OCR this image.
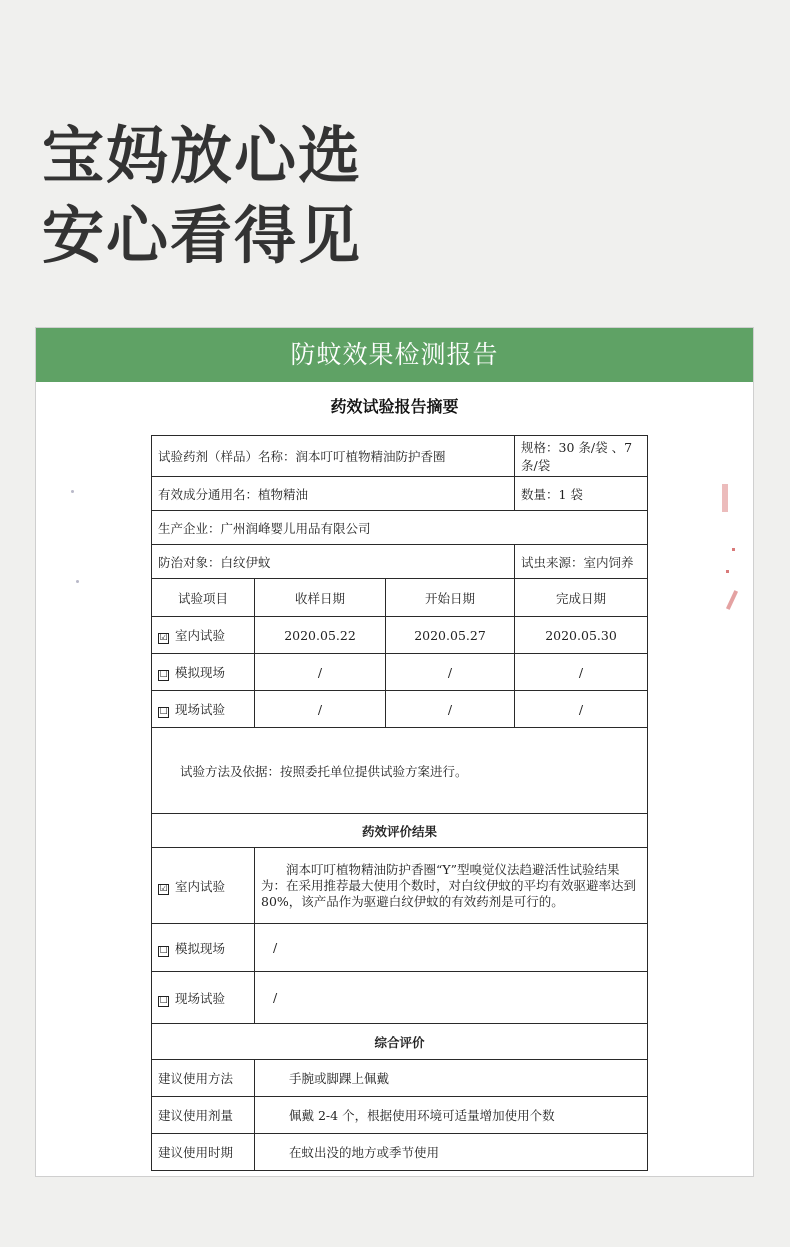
宝妈放心选
安心看得见
防蚊效果检测报告
药效试验报告摘要
试验药剂（样品）名称：润本叮叮植物精油防护香圈			规格：30 条/袋 、7 条/袋
有效成分通用名：植物精油			数量：1 袋
生产企业：广州润峰婴儿用品有限公司			
防治对象：白纹伊蚊			试虫来源：室内饲养
试验项目	收样日期	开始日期	完成日期
☑ 室内试验	2020.05.22	2020.05.27	2020.05.30
☐ 模拟现场	/	/	/
☐ 现场试验	/	/	/
试验方法及依据：按照委托单位提供试验方案进行。			
药效评价结果			
☑ 室内试验	润本叮叮植物精油防护香圈“Y”型嗅觉仪法趋避活性试验结果为：在采用推荐最大使用个数时，对白纹伊蚊的平均有效驱避率达到 80%，该产品作为驱避白纹伊蚊的有效药剂是可行的。		
☐ 模拟现场	/		
☐ 现场试验	/		
综合评价			
建议使用方法	手腕或脚踝上佩戴		
建议使用剂量	佩戴 2-4 个，根据使用环境可适量增加使用个数		
建议使用时期	在蚊出没的地方或季节使用		
